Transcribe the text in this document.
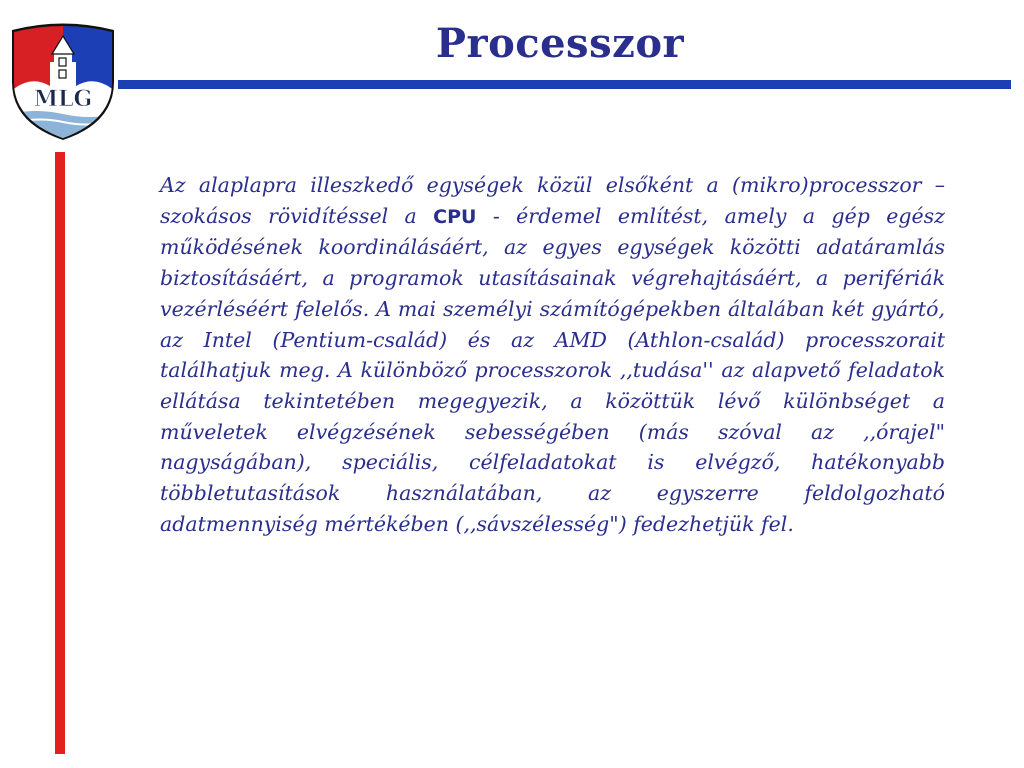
MLG
Processzor

Az alaplapra illeszkedő egységek közül elsőként a (mikro)processzor – szokásos rövidítéssel a CPU - érdemel említést, amely a gép egész működésének koordinálásáért, az egyes egységek közötti adatáramlás biztosításáért, a programok utasításainak végrehajtásáért, a perifériák vezérléséért felelős. A mai személyi számítógépekben általában két gyártó, az Intel (Pentium-család) és az AMD (Athlon-család) processzorait találhatjuk meg. A különböző processzorok ,,tudása'' az alapvető feladatok ellátása tekintetében megegyezik, a közöttük lévő különbséget a műveletek elvégzésének sebességében (más szóval az ,,órajel" nagyságában), speciális, célfeladatokat is elvégző, hatékonyabb többletutasítások használatában, az egyszerre feldolgozható adatmennyiség mértékében (,,sávszélesség") fedezhetjük fel.
